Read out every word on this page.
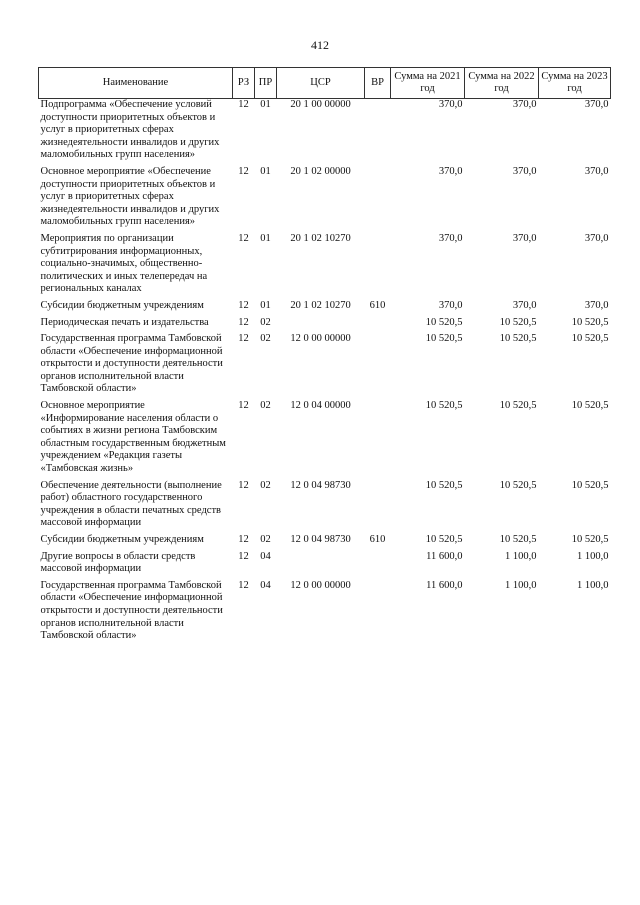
412
Наименование	РЗ	ПР	ЦСР	ВР	Сумма на 2021 год	Сумма на 2022 год	Сумма на 2023 год
Подпрограмма «Обеспечение условий доступности приоритетных объектов и услуг в приоритетных сферах жизнедеятельности инвалидов и других маломобильных групп населения»	12	01	20 1 00 00000		370,0	370,0	370,0
Основное мероприятие «Обеспечение доступности приоритетных объектов и услуг в приоритетных сферах жизнедеятельности инвалидов и других маломобильных групп населения»	12	01	20 1 02 00000		370,0	370,0	370,0
Мероприятия по организации субтитрирования информационных, социально-значимых, общественно-политических и иных телепередач на региональных каналах	12	01	20 1 02 10270		370,0	370,0	370,0
Субсидии бюджетным учреждениям	12	01	20 1 02 10270	610	370,0	370,0	370,0
Периодическая печать и издательства	12	02			10 520,5	10 520,5	10 520,5
Государственная программа Тамбовской области «Обеспечение информационной открытости и доступности деятельности органов исполнительной власти Тамбовской области»	12	02	12 0 00 00000		10 520,5	10 520,5	10 520,5
Основное мероприятие «Информирование населения области о событиях в жизни региона Тамбовским областным государственным бюджетным учреждением «Редакция газеты «Тамбовская жизнь»	12	02	12 0 04 00000		10 520,5	10 520,5	10 520,5
Обеспечение деятельности (выполнение работ) областного государственного учреждения в области печатных средств массовой информации	12	02	12 0 04 98730		10 520,5	10 520,5	10 520,5
Субсидии бюджетным учреждениям	12	02	12 0 04 98730	610	10 520,5	10 520,5	10 520,5
Другие вопросы в области средств массовой информации	12	04			11 600,0	1 100,0	1 100,0
Государственная программа Тамбовской области «Обеспечение информационной открытости и доступности деятельности органов исполнительной власти Тамбовской области»	12	04	12 0 00 00000		11 600,0	1 100,0	1 100,0
